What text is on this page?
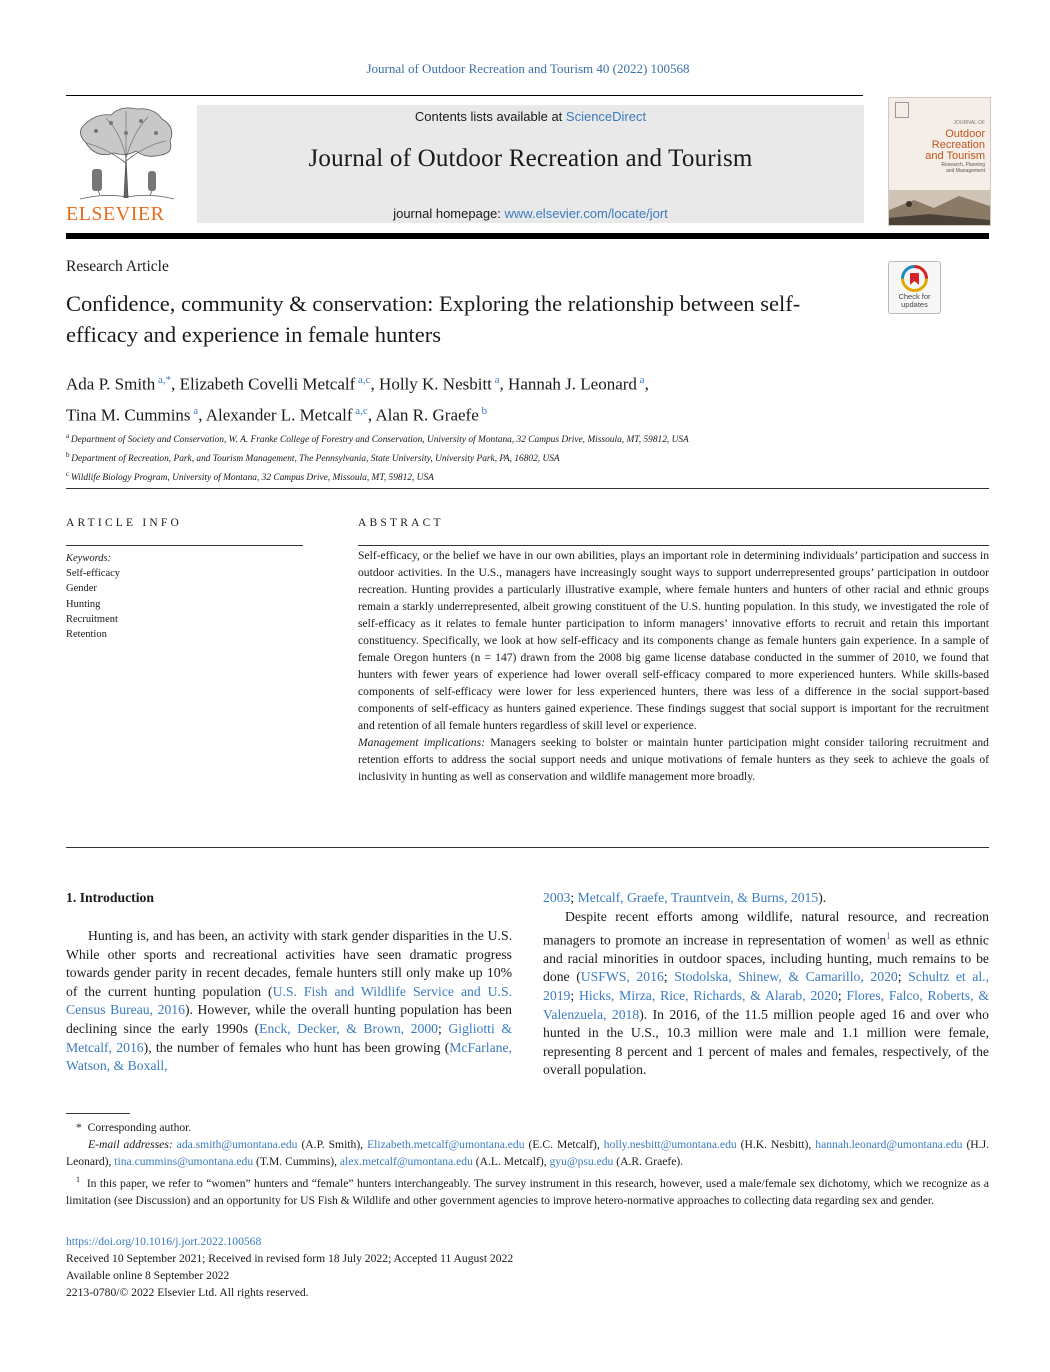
Journal of Outdoor Recreation and Tourism 40 (2022) 100568
ELSEVIER
Contents lists available at ScienceDirect
Journal of Outdoor Recreation and Tourism
journal homepage: www.elsevier.com/locate/jort
JOURNAL OF
Outdoor
Recreation
and Tourism
Research, Planning
and Management
Research Article
Confidence, community & conservation: Exploring the relationship between self-efficacy and experience in female hunters
Check for
updates
Ada P. Smith $^{a,*}$, Elizabeth Covelli Metcalf $^{a,c}$, Holly K. Nesbitt $^a$, Hannah J. Leonard $^a$,
Tina M. Cummins $^a$, Alexander L. Metcalf $^{a,c}$, Alan R. Graefe $^b$
$^a$ Department of Society and Conservation, W. A. Franke College of Forestry and Conservation, University of Montana, 32 Campus Drive, Missoula, MT, 59812, USA
$^b$ Department of Recreation, Park, and Tourism Management, The Pennsylvania, State University, University Park, PA, 16802, USA
$^c$ Wildlife Biology Program, University of Montana, 32 Campus Drive, Missoula, MT, 59812, USA
ARTICLE INFO	ABSTRACT
Keywords:
Self-efficacy
Gender
Hunting
Recruitment
Retention
Self-efficacy, or the belief we have in our own abilities, plays an important role in determining individuals’ participation and success in outdoor activities. In the U.S., managers have increasingly sought ways to support underrepresented groups’ participation in outdoor recreation. Hunting provides a particularly illustrative example, where female hunters and hunters of other racial and ethnic groups remain a starkly underrepresented, albeit growing constituent of the U.S. hunting population. In this study, we investigated the role of self-efficacy as it relates to female hunter participation to inform managers’ innovative efforts to recruit and retain this important constituency. Specifically, we look at how self-efficacy and its components change as female hunters gain experience. In a sample of female Oregon hunters (n = 147) drawn from the 2008 big game license database conducted in the summer of 2010, we found that hunters with fewer years of experience had lower overall self-efficacy compared to more experienced hunters. While skills-based components of self-efficacy were lower for less experienced hunters, there was less of a difference in the social support-based components of self-efficacy as hunters gained experience. These findings suggest that social support is important for the recruitment and retention of all female hunters regardless of skill level or experience.
Management implications: Managers seeking to bolster or maintain hunter participation might consider tailoring recruitment and retention efforts to address the social support needs and unique motivations of female hunters as they seek to achieve the goals of inclusivity in hunting as well as conservation and wildlife management more broadly.
1. Introduction
Hunting is, and has been, an activity with stark gender disparities in the U.S. While other sports and recreational activities have seen dramatic progress towards gender parity in recent decades, female hunters still only make up 10% of the current hunting population (U.S. Fish and Wildlife Service and U.S. Census Bureau, 2016). However, while the overall hunting population has been declining since the early 1990s (Enck, Decker, & Brown, 2000; Gigliotti & Metcalf, 2016), the number of females who hunt has been growing (McFarlane, Watson, & Boxall,
2003; Metcalf, Graefe, Trauntvein, & Burns, 2015).
Despite recent efforts among wildlife, natural resource, and recreation managers to promote an increase in representation of women$^1$ as well as ethnic and racial minorities in outdoor spaces, including hunting, much remains to be done (USFWS, 2016; Stodolska, Shinew, & Camarillo, 2020; Schultz et al., 2019; Hicks, Mirza, Rice, Richards, & Alarab, 2020; Flores, Falco, Roberts, & Valenzuela, 2018). In 2016, of the 11.5 million people aged 16 and over who hunted in the U.S., 10.3 million were male and 1.1 million were female, representing 8 percent and 1 percent of males and females, respectively, of the overall population.
*  Corresponding author.
E-mail addresses: ada.smith@umontana.edu (A.P. Smith), Elizabeth.metcalf@umontana.edu (E.C. Metcalf), holly.nesbitt@umontana.edu (H.K. Nesbitt), hannah.leonard@umontana.edu (H.J. Leonard), tina.cummins@umontana.edu (T.M. Cummins), alex.metcalf@umontana.edu (A.L. Metcalf), gyu@psu.edu (A.R. Graefe).
$^1$ In this paper, we refer to “women” hunters and “female” hunters interchangeably. The survey instrument in this research, however, used a male/female sex dichotomy, which we recognize as a limitation (see Discussion) and an opportunity for US Fish & Wildlife and other government agencies to improve hetero-normative approaches to collecting data regarding sex and gender.
https://doi.org/10.1016/j.jort.2022.100568
Received 10 September 2021; Received in revised form 18 July 2022; Accepted 11 August 2022
Available online 8 September 2022
2213-0780/© 2022 Elsevier Ltd. All rights reserved.
